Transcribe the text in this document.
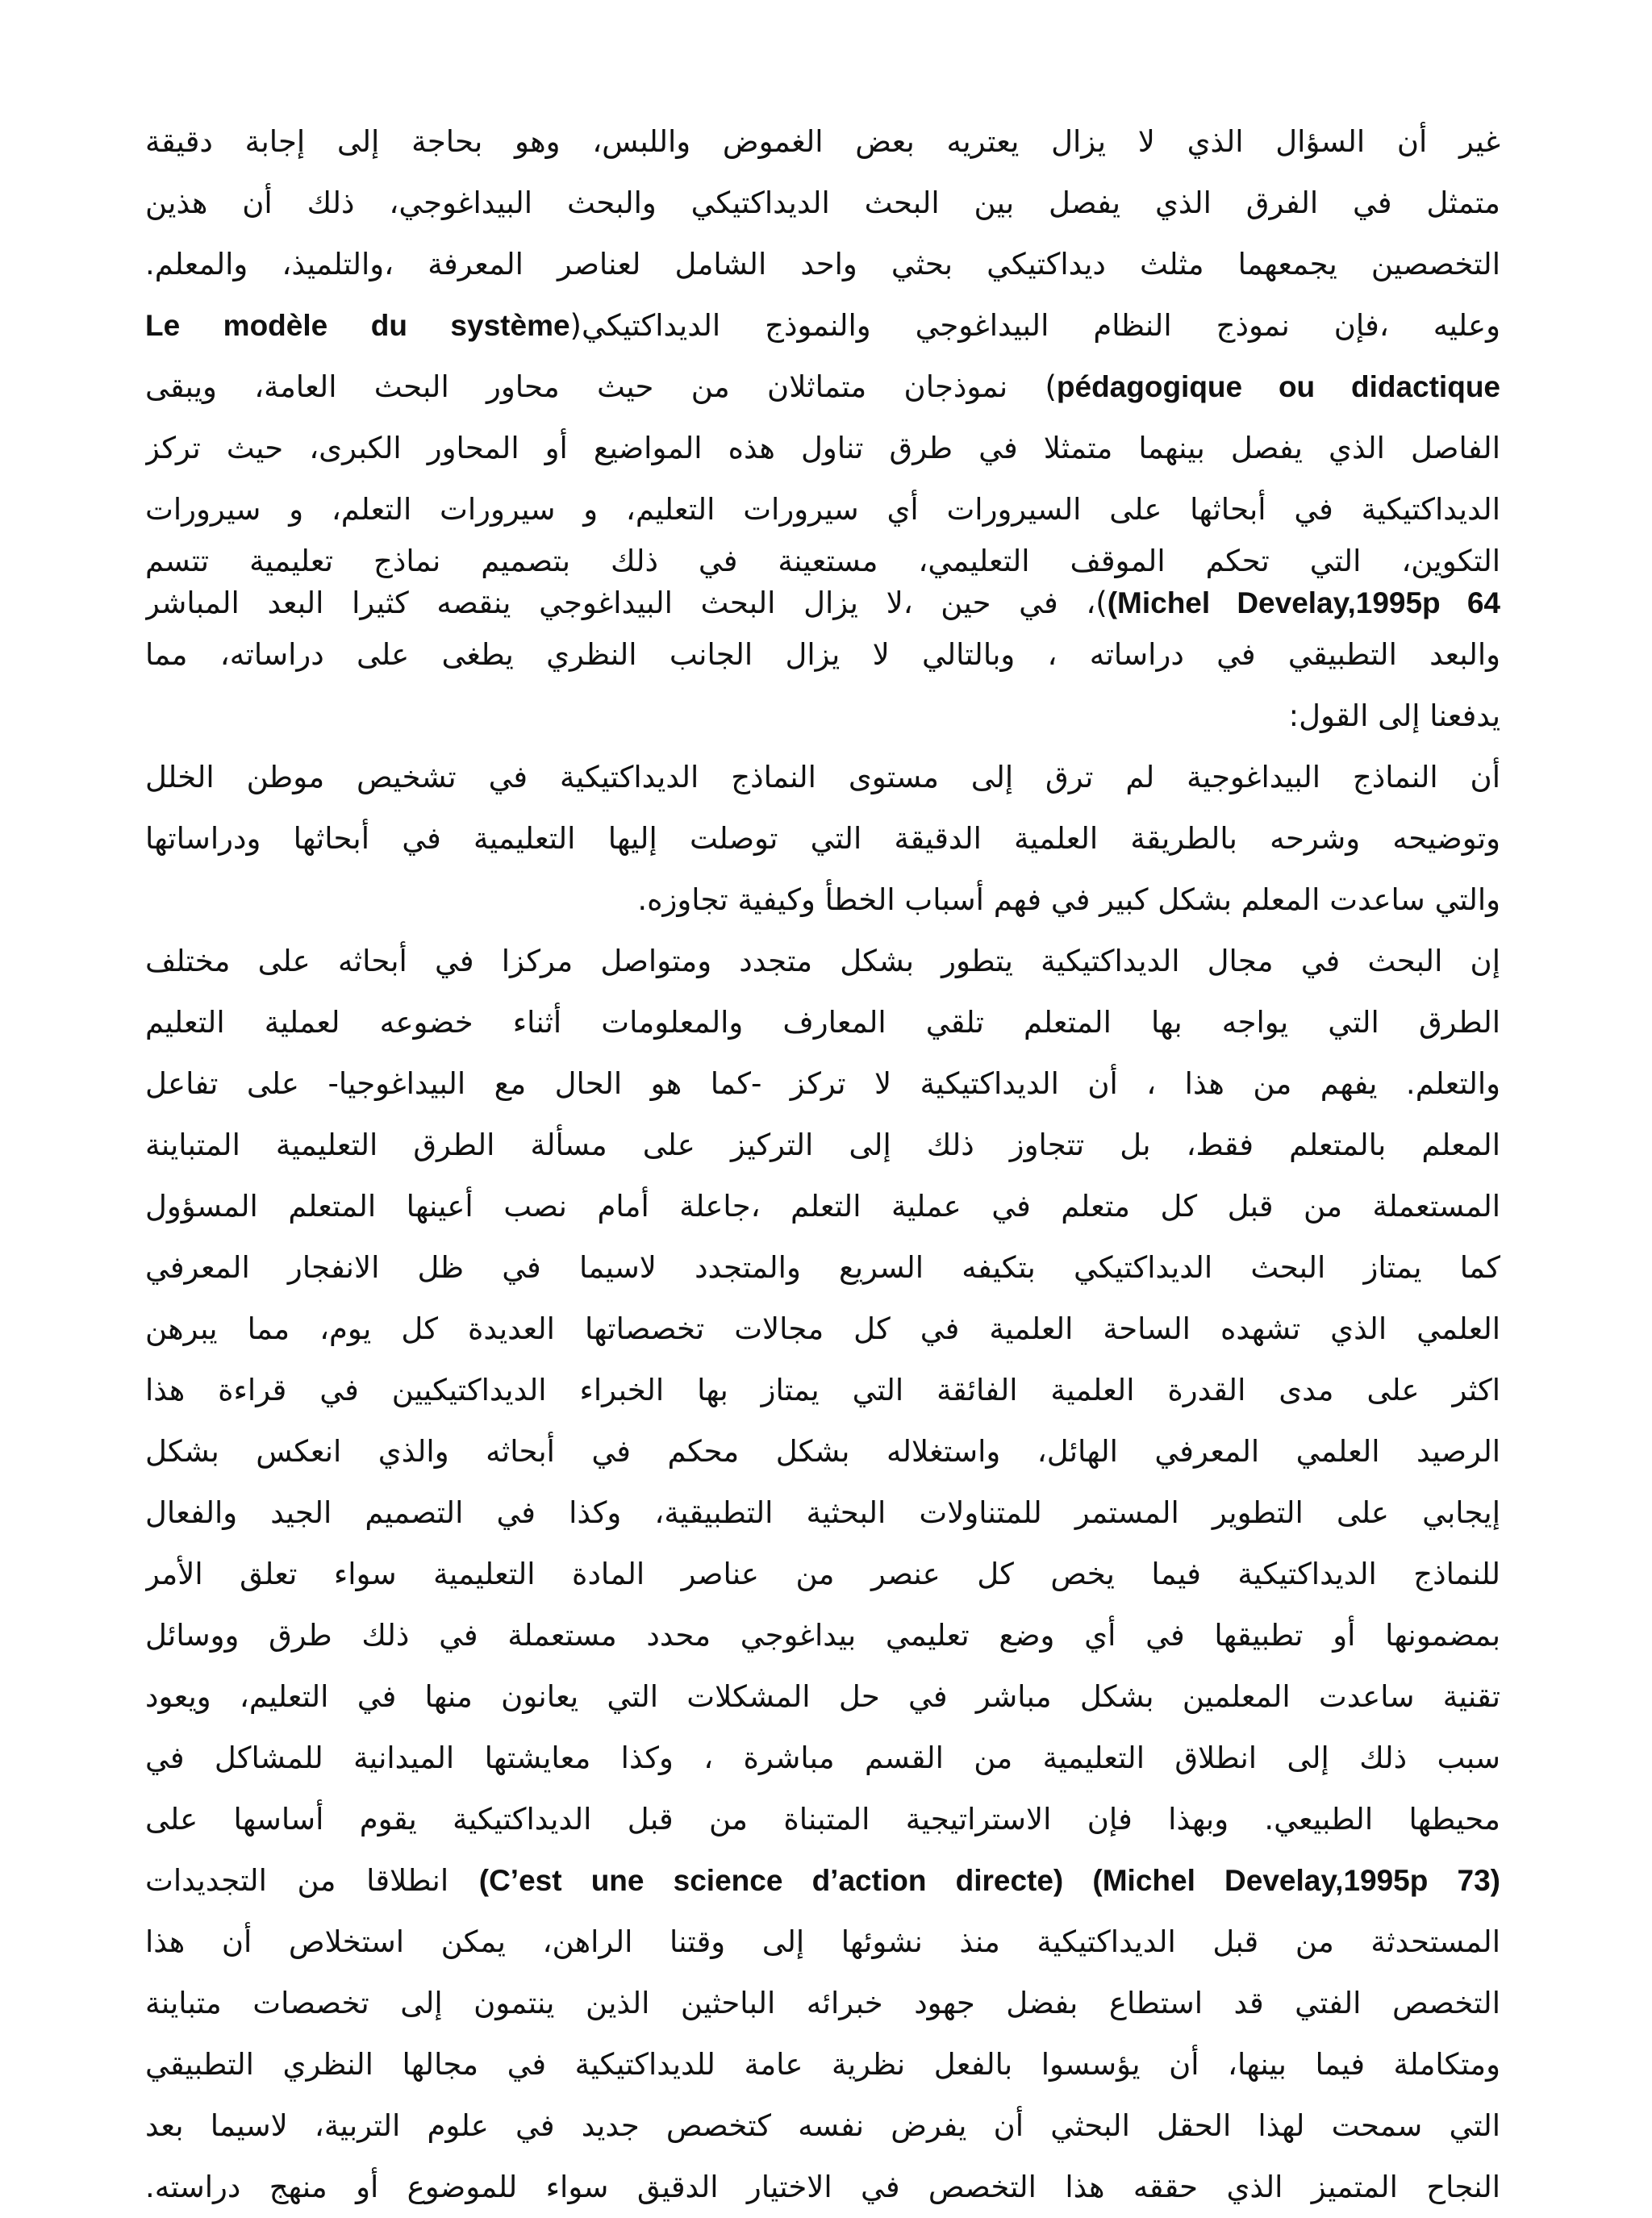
غير أن السؤال الذي لا يزال يعتريه بعض الغموض واللبس، وهو بحاجة إلى إجابة دقيقة
متمثل في الفرق الذي يفصل بين البحث الديداكتيكي والبحث البيداغوجي، ذلك أن هذين
التخصصين يجمعهما مثلث ديداكتيكي بحثي واحد الشامل لعناصر المعرفة ،والتلميذ، والمعلم.
وعليه ،فإن نموذج النظام البيداغوجي والنموذج الديداكتيكي(Le modèle du système
pédagogique ou didactique) نموذجان متماثلان من حيث محاور البحث العامة، ويبقى
الفاصل الذي يفصل بينهما متمثلا في طرق تناول هذه المواضيع أو المحاور الكبرى، حيث تركز
الديداكتيكية في أبحاثها على السيرورات أي سيرورات التعليم، و سيرورات التعلم، و سيرورات
التكوين، التي تحكم الموقف التعليمي، مستعينة في ذلك بتصميم نماذج تعليمية تتسم
(Michel Develay,1995p 64)، في حين ،لا يزال البحث البيداغوجي ينقصه كثيرا البعد المباشر
والبعد التطبيقي في دراساته ، وبالتالي لا يزال الجانب النظري يطغى على دراساته، مما
يدفعنا إلى القول:
أن النماذج البيداغوجية لم ترق إلى مستوى النماذج الديداكتيكية في تشخيص موطن الخلل
وتوضيحه وشرحه بالطريقة العلمية الدقيقة التي توصلت إليها التعليمية في أبحاثها ودراساتها
والتي ساعدت المعلم بشكل كبير في فهم أسباب الخطأ وكيفية تجاوزه.
إن البحث في مجال الديداكتيكية يتطور بشكل متجدد ومتواصل مركزا في أبحاثه على مختلف
الطرق التي يواجه بها المتعلم تلقي المعارف والمعلومات أثناء خضوعه لعملية التعليم
والتعلم. يفهم من هذا ، أن الديداكتيكية لا تركز -كما هو الحال مع البيداغوجيا- على تفاعل
المعلم بالمتعلم فقط، بل تتجاوز ذلك إلى التركيز على مسألة الطرق التعليمية المتباينة
المستعملة من قبل كل متعلم في عملية التعلم ،جاعلة أمام نصب أعينها المتعلم المسؤول
كما يمتاز البحث الديداكتيكي بتكيفه السريع والمتجدد لاسيما في ظل الانفجار المعرفي
العلمي الذي تشهده الساحة العلمية في كل مجالات تخصصاتها العديدة كل يوم، مما يبرهن
اكثر على مدى القدرة العلمية الفائقة التي يمتاز بها الخبراء الديداكتيكيين في قراءة هذا
الرصيد العلمي المعرفي الهائل، واستغلاله بشكل محكم في أبحاثه والذي انعكس بشكل
إيجابي على التطوير المستمر للمتناولات البحثية التطبيقية، وكذا في التصميم الجيد والفعال
للنماذج الديداكتيكية فيما يخص كل عنصر من عناصر المادة التعليمية سواء تعلق الأمر
بمضمونها أو تطبيقها في أي وضع تعليمي بيداغوجي محدد مستعملة في ذلك طرق ووسائل
تقنية ساعدت المعلمين بشكل مباشر في حل المشكلات التي يعانون منها في التعليم، ويعود
سبب ذلك إلى انطلاق التعليمية من القسم مباشرة ، وكذا معايشتها الميدانية للمشاكل في
محيطها الطبيعي. وبهذا فإن الاستراتيجية المتبناة من قبل الديداكتيكية يقوم أساسها على
(C’est une science d’action directe) (Michel Develay,1995p 73) انطلاقا من التجديدات
المستحدثة من قبل الديداكتيكية منذ نشوئها إلى وقتنا الراهن، يمكن استخلاص أن هذا
التخصص الفتي قد استطاع بفضل جهود خبرائه الباحثين الذين ينتمون إلى تخصصات متباينة
ومتكاملة فيما بينها، أن يؤسسوا بالفعل نظرية عامة للديداكتيكية في مجالها النظري التطبيقي
التي سمحت لهذا الحقل البحثي أن يفرض نفسه كتخصص جديد في علوم التربية، لاسيما بعد
النجاح المتميز الذي حققه هذا التخصص في الاختيار الدقيق سواء للموضوع أو منهج دراسته.
